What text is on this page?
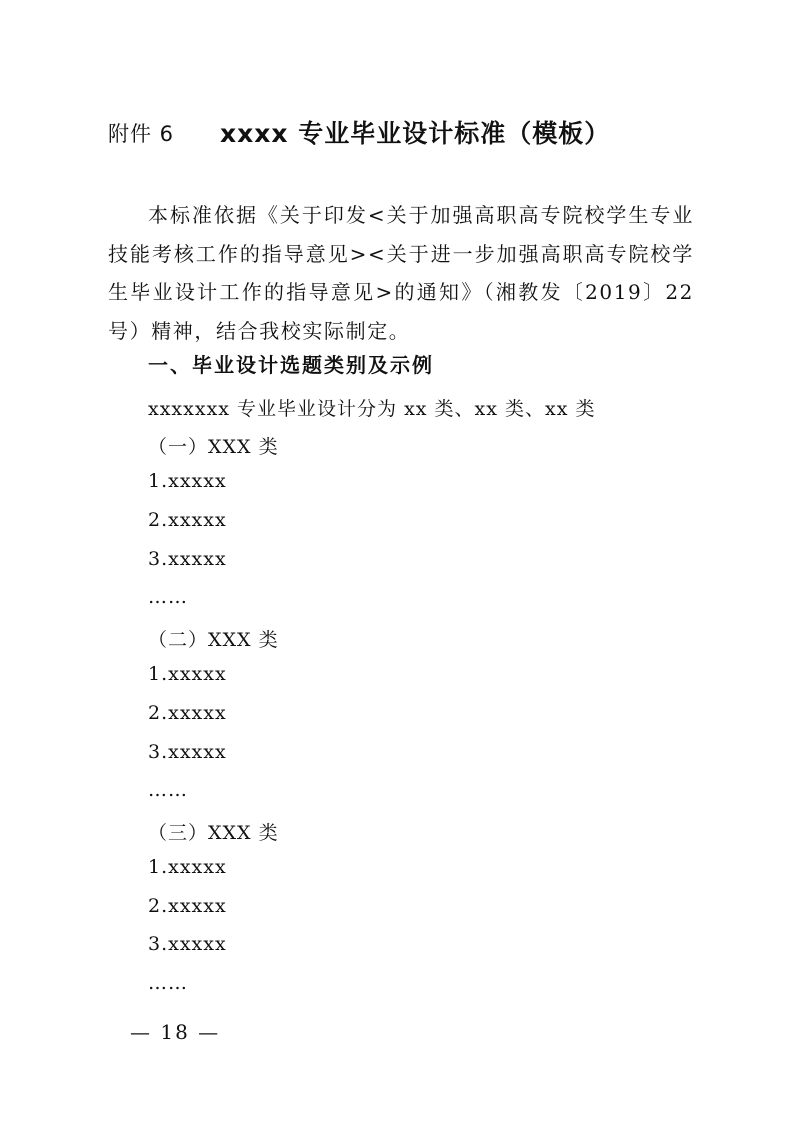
附件 6 xxxx 专业毕业设计标准（模板）

本标准依据《关于印发<关于加强高职高专院校学生专业技能考核工作的指导意见><关于进一步加强高职高专院校学生毕业设计工作的指导意见>的通知》（湘教发〔2019〕22号）精神，结合我校实际制定。

一、毕业设计选题类别及示例
xxxxxxx 专业毕业设计分为 xx 类、xx 类、xx 类
（一）XXX 类
1.xxxxx
2.xxxxx
3.xxxxx
……
（二）XXX 类
1.xxxxx
2.xxxxx
3.xxxxx
……
（三）XXX 类
1.xxxxx
2.xxxxx
3.xxxxx
……
— 18 —
